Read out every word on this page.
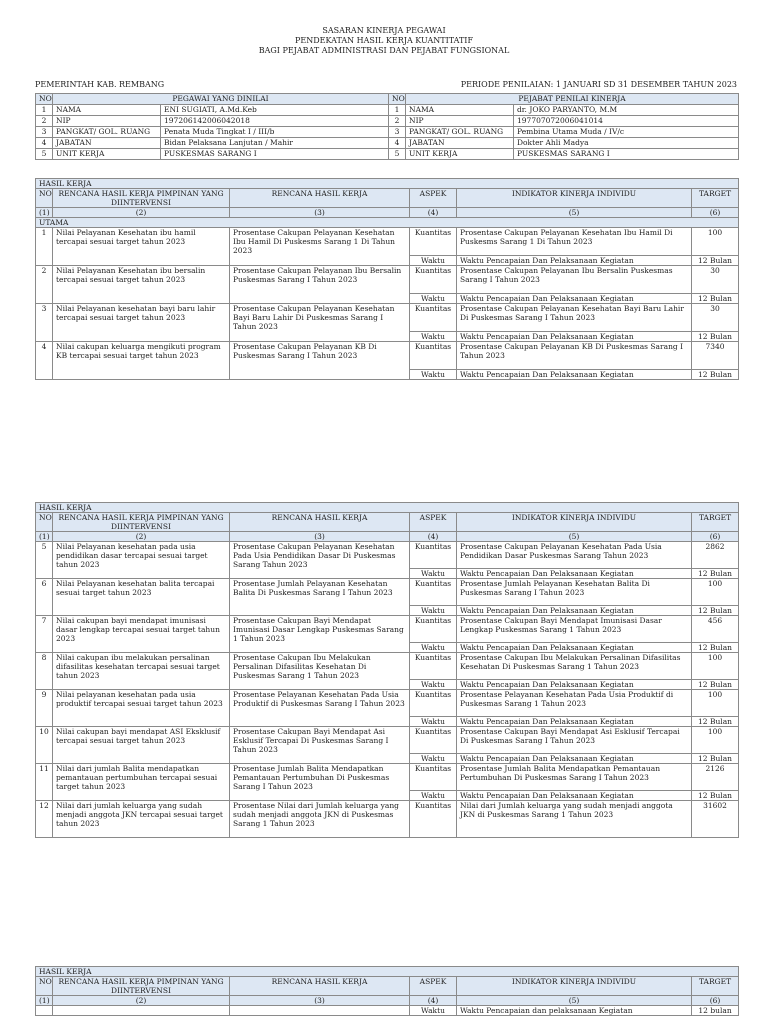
SASARAN KINERJA PEGAWAI
PENDEKATAN HASIL KERJA KUANTITATIF
BAGI PEJABAT ADMINISTRASI DAN PEJABAT FUNGSIONAL
PEMERINTAH KAB. REMBANG	PERIODE PENILAIAN: 1 JANUARI SD 31 DESEMBER TAHUN 2023
NO	PEGAWAI YANG DINILAI		NO	PEJABAT PENILAI KINERJA	
1	NAMA	ENI SUGIATI, A.Md.Keb	1	NAMA	dr. JOKO PARYANTO, M.M
2	NIP	197206142006042018	2	NIP	197707072006041014
3	PANGKAT/ GOL. RUANG	Penata Muda Tingkat I / III/b	3	PANGKAT/ GOL. RUANG	Pembina Utama Muda / IV/c
4	JABATAN	Bidan Pelaksana Lanjutan / Mahir	4	JABATAN	Dokter Ahli Madya
5	UNIT KERJA	PUSKESMAS SARANG I	5	UNIT KERJA	PUSKESMAS SARANG I
HASIL KERJA					
NO	RENCANA HASIL KERJA PIMPINAN YANG DIINTERVENSI	RENCANA HASIL KERJA	ASPEK	INDIKATOR KINERJA INDIVIDU	TARGET
(1)	(2)	(3)	(4)	(5)	(6)
UTAMA					
1	Nilai Pelayanan Kesehatan ibu hamil tercapai sesuai target tahun 2023	Prosentase Cakupan Pelayanan Kesehatan Ibu Hamil Di Puskesms Sarang 1 Di Tahun 2023	Kuantitas	Prosentase Cakupan Pelayanan Kesehatan Ibu Hamil Di Puskesms Sarang 1 Di Tahun 2023	100
			Waktu	Waktu Pencapaian Dan Pelaksanaan Kegiatan	12 Bulan
2	Nilai Pelayanan Kesehatan ibu bersalin tercapai sesuai target tahun 2023	Prosentase Cakupan Pelayanan Ibu Bersalin Puskesmas Sarang I Tahun 2023	Kuantitas	Prosentase Cakupan Pelayanan Ibu Bersalin Puskesmas Sarang I Tahun 2023	30
			Waktu	Waktu Pencapaian Dan Pelaksanaan Kegiatan	12 Bulan
3	Nilai Pelayanan kesehatan bayi baru lahir tercapai sesuai target tahun 2023	Prosentase Cakupan Pelayanan Kesehatan Bayi Baru Lahir Di Puskesmas Sarang I Tahun 2023	Kuantitas	Prosentase Cakupan Pelayanan Kesehatan Bayi Baru Lahir Di Puskesmas Sarang I Tahun 2023	30
			Waktu	Waktu Pencapaian Dan Pelaksanaan Kegiatan	12 Bulan
4	Nilai cakupan keluarga mengikuti program KB tercapai sesuai target tahun 2023	Prosentase Cakupan Pelayanan KB Di Puskesmas Sarang I Tahun 2023	Kuantitas	Prosentase Cakupan Pelayanan KB Di Puskesmas Sarang I Tahun 2023	7340
			Waktu	Waktu Pencapaian Dan Pelaksanaan Kegiatan	12 Bulan
HASIL KERJA					
NO	RENCANA HASIL KERJA PIMPINAN YANG DIINTERVENSI	RENCANA HASIL KERJA	ASPEK	INDIKATOR KINERJA INDIVIDU	TARGET
(1)	(2)	(3)	(4)	(5)	(6)
5	Nilai Pelayanan kesehatan pada usia pendidikan dasar tercapai sesuai target tahun 2023	Prosentase Cakupan Pelayanan Kesehatan Pada Usia Pendidikan Dasar Di Puskesmas Sarang Tahun 2023	Kuantitas	Prosentase Cakupan Pelayanan Kesehatan Pada Usia Pendidikan Dasar Puskesmas Sarang Tahun 2023	2862
			Waktu	Waktu Pencapaian Dan Pelaksanaan Kegiatan	12 Bulan
6	Nilai Pelayanan kesehatan balita tercapai sesuai target tahun 2023	Prosentase Jumlah Pelayanan Kesehatan Balita Di Puskesmas Sarang I Tahun 2023	Kuantitas	Prosentase Jumlah Pelayanan Kesehatan Balita Di Puskesmas Sarang I Tahun 2023	100
			Waktu	Waktu Pencapaian Dan Pelaksanaan Kegiatan	12 Bulan
7	Nilai cakupan bayi mendapat imunisasi dasar lengkap tercapai sesuai target tahun 2023	Prosentase Cakupan Bayi Mendapat Imunisasi Dasar Lengkap Puskesmas Sarang 1 Tahun 2023	Kuantitas	Prosentase Cakupan Bayi Mendapat Imunisasi Dasar Lengkap Puskesmas Sarang 1 Tahun 2023	456
			Waktu	Waktu Pencapaian Dan Pelaksanaan Kegiatan	12 Bulan
8	Nilai cakupan ibu melakukan persalinan difasilitas kesehatan tercapai sesuai target tahun 2023	Prosentase Cakupan Ibu Melakukan Persalinan Difasilitas Kesehatan Di Puskesmas Sarang 1 Tahun 2023	Kuantitas	Prosentase Cakupan Ibu Melakukan Persalinan Difasilitas Kesehatan Di Puskesmas Sarang 1 Tahun 2023	100
			Waktu	Waktu Pencapaian Dan Pelaksanaan Kegiatan	12 Bulan
9	Nilai pelayanan kesehatan pada usia produktif tercapai sesuai target tahun 2023	Prosentase Pelayanan Kesehatan Pada Usia Produktif di Puskesmas Sarang I Tahun 2023	Kuantitas	Prosentase Pelayanan Kesehatan Pada Usia Produktif di Puskesmas Sarang 1 Tahun 2023	100
			Waktu	Waktu Pencapaian Dan Pelaksanaan Kegiatan	12 Bulan
10	Nilai cakupan bayi mendapat ASI Eksklusif tercapai sesuai target tahun 2023	Prosentase Cakupan Bayi Mendapat Asi Esklusif Tercapai Di Puskesmas Sarang I Tahun 2023	Kuantitas	Prosentase Cakupan Bayi Mendapat Asi Esklusif Tercapai Di Puskesmas Sarang I Tahun 2023	100
			Waktu	Waktu Pencapaian Dan Pelaksanaan Kegiatan	12 Bulan
11	Nilai dari jumlah Balita mendapatkan pemantauan pertumbuhan tercapai sesuai target tahun 2023	Prosentase Jumlah Balita Mendapatkan Pemantauan Pertumbuhan Di Puskesmas Sarang I Tahun 2023	Kuantitas	Prosentase Jumlah Balita Mendapatkan Pemantauan Pertumbuhan Di Puskesmas Sarang I Tahun 2023	2126
			Waktu	Waktu Pencapaian Dan Pelaksanaan Kegiatan	12 Bulan
12	Nilai dari jumlah keluarga yang sudah menjadi anggota JKN tercapai sesuai target tahun 2023	Prosentase Nilai dari Jumlah keluarga yang sudah menjadi anggota JKN di Puskesmas Sarang 1 Tahun 2023	Kuantitas	Nilai dari Jumlah keluarga yang sudah menjadi anggota JKN di Puskesmas Sarang 1 Tahun 2023	31602
HASIL KERJA					
NO	RENCANA HASIL KERJA PIMPINAN YANG DIINTERVENSI	RENCANA HASIL KERJA	ASPEK	INDIKATOR KINERJA INDIVIDU	TARGET
(1)	(2)	(3)	(4)	(5)	(6)
			Waktu	Waktu Pencapaian dan pelaksanaan Kegiatan	12 bulan
